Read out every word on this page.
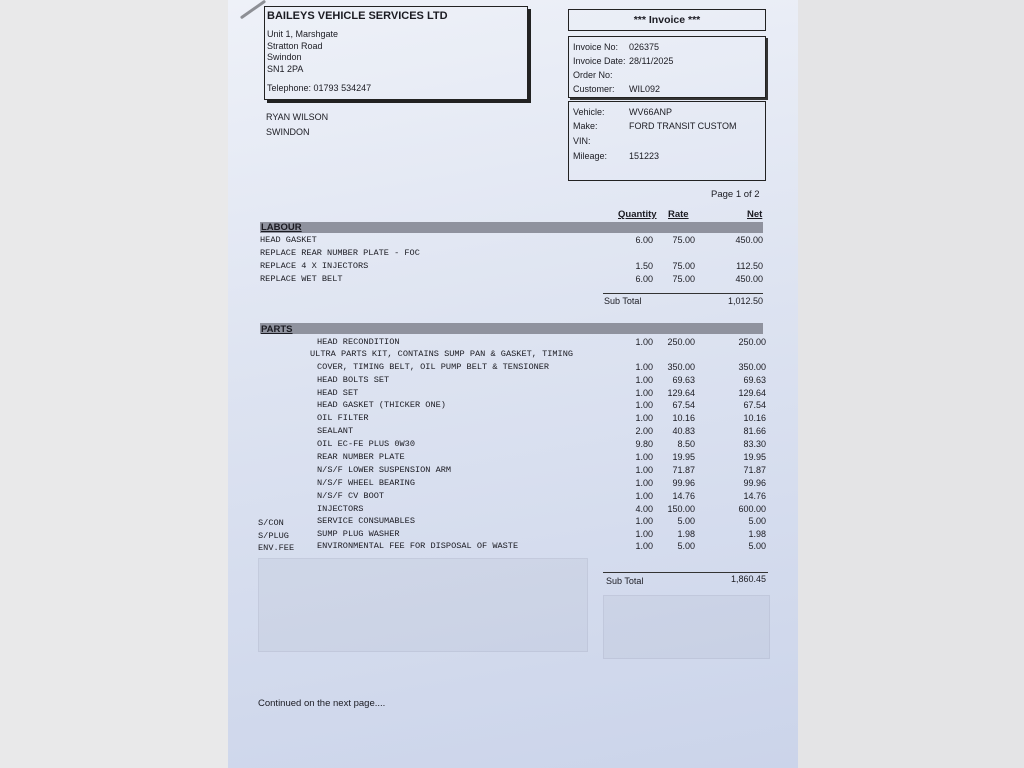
BAILEYS VEHICLE SERVICES LTD
Unit 1, Marshgate
Stratton Road
Swindon
SN1 2PA
Telephone: 01793 534247
RYAN WILSON
SWINDON
*** Invoice ***
Invoice No: 026375
Invoice Date: 28/11/2025
Order No:
Customer: WIL092
Vehicle:	WV66ANP
Make:	FORD TRANSIT CUSTOM
VIN:
Mileage: 151223
Page 1 of 2
Quantity Rate	Net
LABOUR
HEAD GASKET	6.00	75.00	450.00
REPLACE REAR NUMBER PLATE - FOC
REPLACE 4 X INJECTORS	1.50	75.00	112.50
REPLACE WET BELT	6.00	75.00	450.00
Sub Total	1,012.50
PARTS
HEAD RECONDITION	1.00	250.00	250.00
ULTRA PARTS KIT, CONTAINS SUMP PAN & GASKET, TIMING
COVER, TIMING BELT, OIL PUMP BELT & TENSIONER	1.00	350.00	350.00
HEAD BOLTS SET	1.00	69.63	69.63
HEAD SET	1.00	129.64	129.64
HEAD GASKET (THICKER ONE)	1.00	67.54	67.54
OIL FILTER	1.00	10.16	10.16
SEALANT	2.00	40.83	81.66
OIL EC-FE PLUS 0W30	9.80	8.50	83.30
REAR NUMBER PLATE	1.00	19.95	19.95
N/S/F LOWER SUSPENSION ARM	1.00	71.87	71.87
N/S/F WHEEL BEARING	1.00	99.96	99.96
N/S/F CV BOOT	1.00	14.76	14.76
INJECTORS	4.00	150.00	600.00
S/CON	SERVICE CONSUMABLES	1.00	5.00	5.00
S/PLUG	SUMP PLUG WASHER	1.00	1.98	1.98
ENV.FEE	ENVIRONMENTAL FEE FOR DISPOSAL OF WASTE	1.00	5.00	5.00
Sub Total	1,860.45
Continued on the next page....
